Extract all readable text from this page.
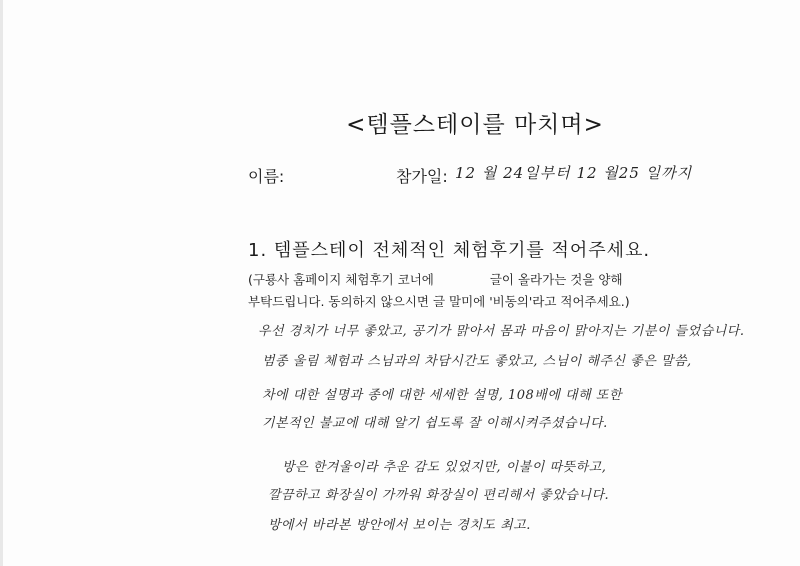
<템플스테이를 마치며>
이름:	참가일: 12 월 24일부터 12 월25 일까지
1. 템플스테이 전체적인 체험후기를 적어주세요.
(구룡사 홈페이지 체험후기 코너에	글이 올라가는 것을 양해
부탁드립니다. 동의하지 않으시면 글 말미에 '비동의'라고 적어주세요.)
우선 경치가 너무 좋았고, 공기가 맑아서 몸과 마음이 맑아지는 기분이 들었습니다.
범종 울림 체험과 스님과의 차담시간도 좋았고, 스님이 해주신 좋은 말씀,
차에 대한 설명과 종에 대한 세세한 설명, 108배에 대해 또한
기본적인 불교에 대해 알기 쉽도록 잘 이해시켜주셨습니다.
방은 한겨울이라 추운 감도 있었지만, 이불이 따뜻하고,
깔끔하고 화장실이 가까워 화장실이 편리해서 좋았습니다.
방에서 바라본 방안에서 보이는 경치도 최고.
